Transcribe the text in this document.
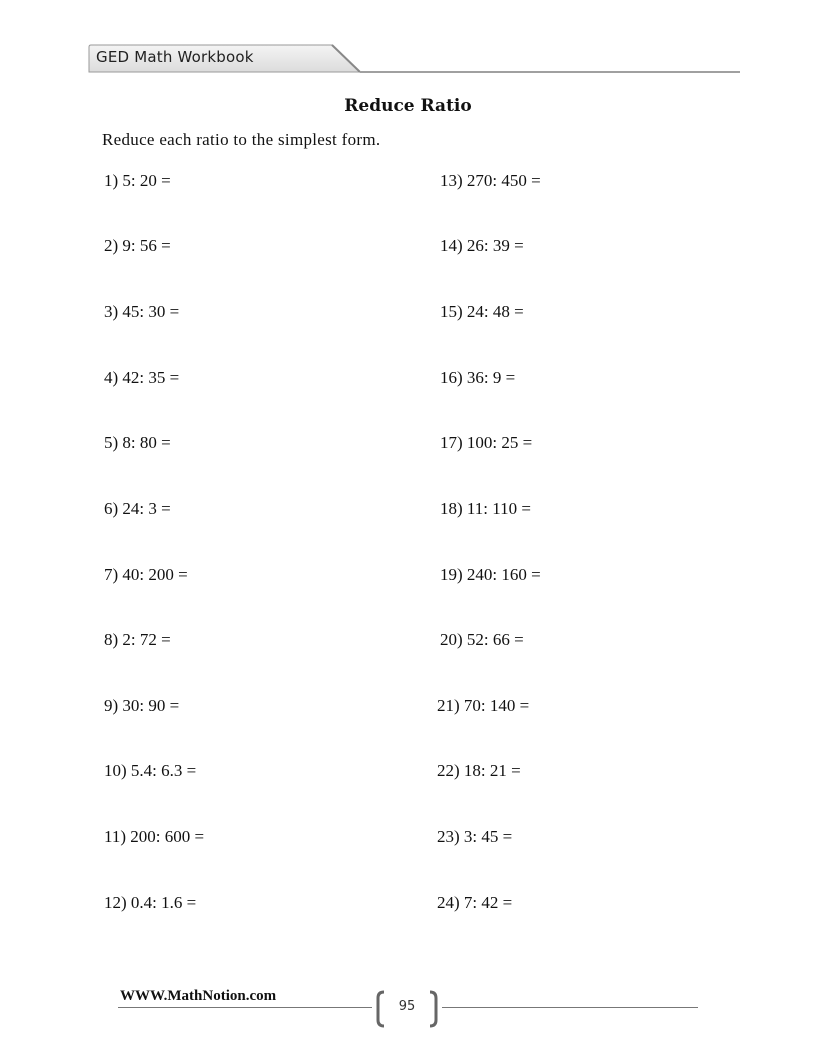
GED Math Workbook
Reduce Ratio
Reduce each ratio to the simplest form.
1) 5: 20 =
2) 9: 56 =
3) 45: 30 =
4) 42: 35 =
5) 8: 80 =
6) 24: 3 =
7) 40: 200 =
8) 2: 72 =
9) 30: 90 =
10) 5.4: 6.3 =
11) 200: 600 =
12) 0.4: 1.6 =
13) 270: 450 =
14) 26: 39 =
15) 24: 48 =
16) 36: 9 =
17) 100: 25 =
18) 11: 110 =
19) 240: 160 =
20) 52: 66 =
21) 70: 140 =
22) 18: 21 =
23) 3: 45 =
24) 7: 42 =
WWW.MathNotion.com
95
